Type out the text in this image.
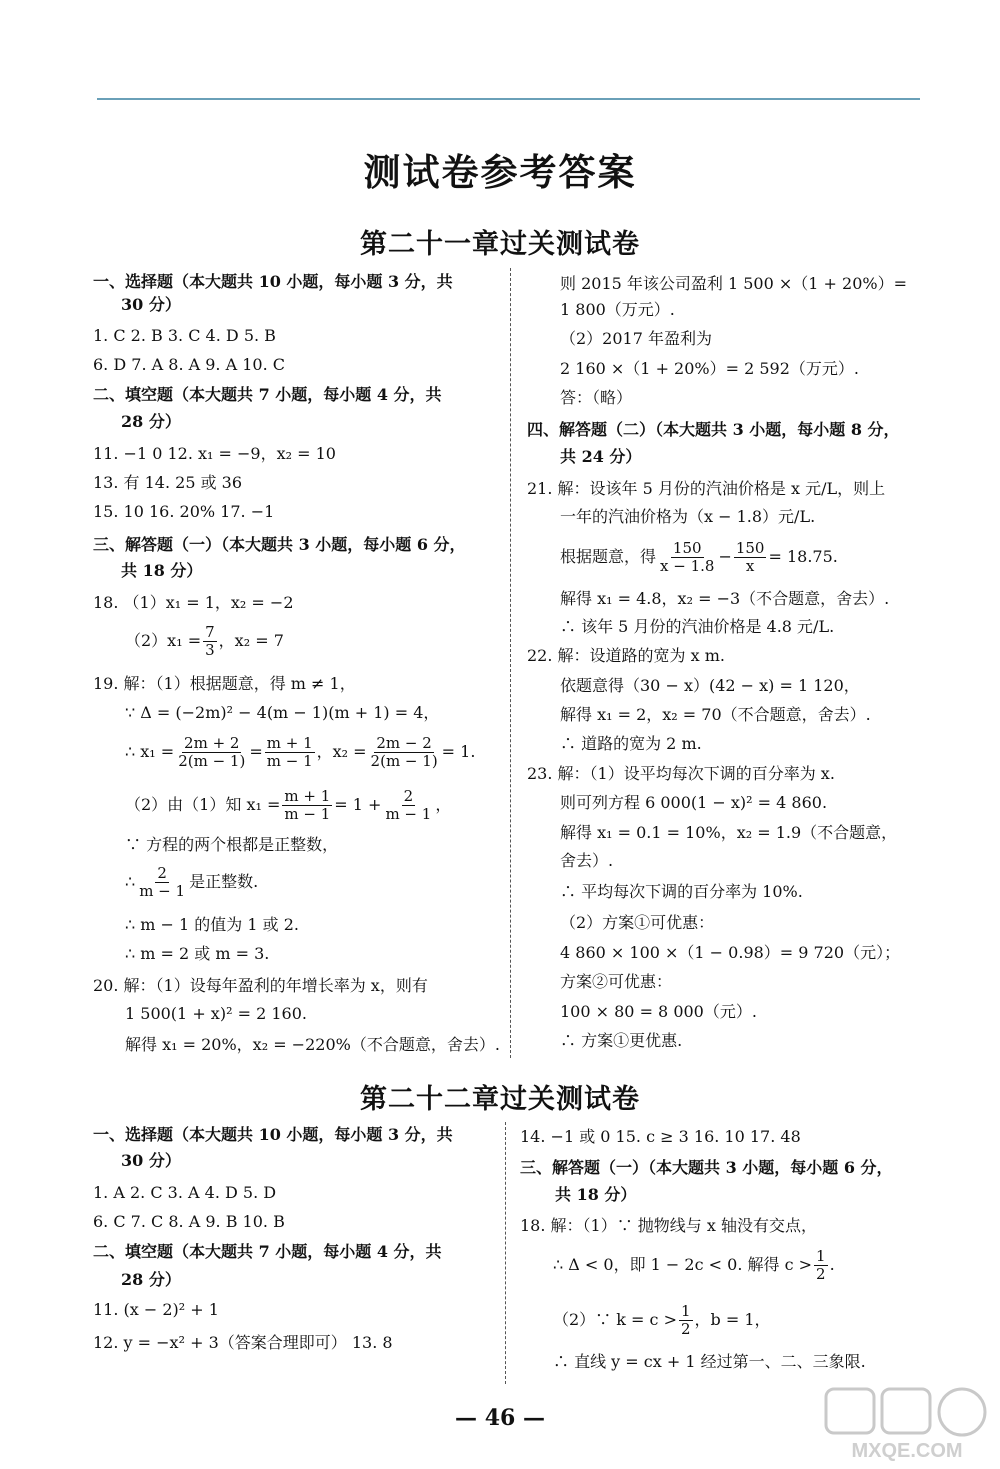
测试卷参考答案
第二十一章过关测试卷
一、选择题（本大题共 10 小题，每小题 3 分，共
30 分）
1. C 2. B 3. C 4. D 5. B
6. D 7. A 8. A 9. A 10. C
二、填空题（本大题共 7 小题，每小题 4 分，共
28 分）
11. −1 0 12. x₁ = −9，x₂ = 10
13. 有 14. 25 或 36
15. 10 16. 20% 17. −1
三、解答题（一）（本大题共 3 小题，每小题 6 分，
共 18 分）
18. （1）x₁ = 1，x₂ = −2
$(2)x_1 = \frac{7}{3}$ ，x₂ = 7
19. 解：（1）根据题意，得 m ≠ 1，
∵ Δ = (−2m)² − 4(m − 1)(m + 1) = 4，
∴ $x_1 = \frac{2m + 2}{2(m - 1)} = \frac{m + 1}{m - 1}$ ，$x_2 = \frac{2m - 2}{2(m - 1)} = 1$.
（2）由（1）知 $x_1 = \frac{m + 1}{m - 1} = 1 + \frac{2}{m - 1}$ ，
∵ 方程的两个根都是正整数，
∴ $\frac{2}{m - 1}$ 是正整数.
∴ m − 1 的值为 1 或 2.
∴ m = 2 或 m = 3.
20. 解：（1）设每年盈利的年增长率为 x，则有
1 500(1 + x)² = 2 160.
解得 x₁ = 20%，x₂ = −220%（不合题意，舍去）.
则 2015 年该公司盈利 1 500 ×（1 + 20%）=
1 800（万元）.
（2）2017 年盈利为
2 160 ×（1 + 20%）= 2 592（万元）.
答：（略）
四、解答题（二）（本大题共 3 小题，每小题 8 分，
共 24 分）
21. 解：设该年 5 月份的汽油价格是 x 元/L，则上
一年的汽油价格为（x − 1.8）元/L.
根据题意，得 $\frac{150}{x - 1.8} - \frac{150}{x} = 18.75$.
解得 x₁ = 4.8，x₂ = −3（不合题意，舍去）.
∴ 该年 5 月份的汽油价格是 4.8 元/L.
22. 解：设道路的宽为 x m.
依题意得（30 − x）(42 − x) = 1 120，
解得 x₁ = 2，x₂ = 70（不合题意，舍去）.
∴ 道路的宽为 2 m.
23. 解：（1）设平均每次下调的百分率为 x.
则可列方程 6 000(1 − x)² = 4 860.
解得 x₁ = 0.1 = 10%，x₂ = 1.9（不合题意，
舍去）.
∴ 平均每次下调的百分率为 10%.
（2）方案①可优惠：
4 860 × 100 ×（1 − 0.98）= 9 720（元）；
方案②可优惠：
100 × 80 = 8 000（元）.
∴ 方案①更优惠.
第二十二章过关测试卷
一、选择题（本大题共 10 小题，每小题 3 分，共
30 分）
1. A 2. C 3. A 4. D 5. D
6. C 7. C 8. A 9. B 10. B
二、填空题（本大题共 7 小题，每小题 4 分，共
28 分）
11. (x − 2)² + 1
12. y = −x² + 3（答案合理即可） 13. 8
14. −1 或 0 15. c ≥ 3 16. 10 17. 48
三、解答题（一）（本大题共 3 小题，每小题 6 分，
共 18 分）
18. 解：（1）∵ 抛物线与 x 轴没有交点，
∴ Δ < 0，即 1 − 2c < 0. 解得 $c > \frac{1}{2}$ .
（2）∵ $k = c > \frac{1}{2}$ ，b = 1，
∴ 直线 y = cx + 1 经过第一、二、三象限.
— 46 —
MXQE.COM
